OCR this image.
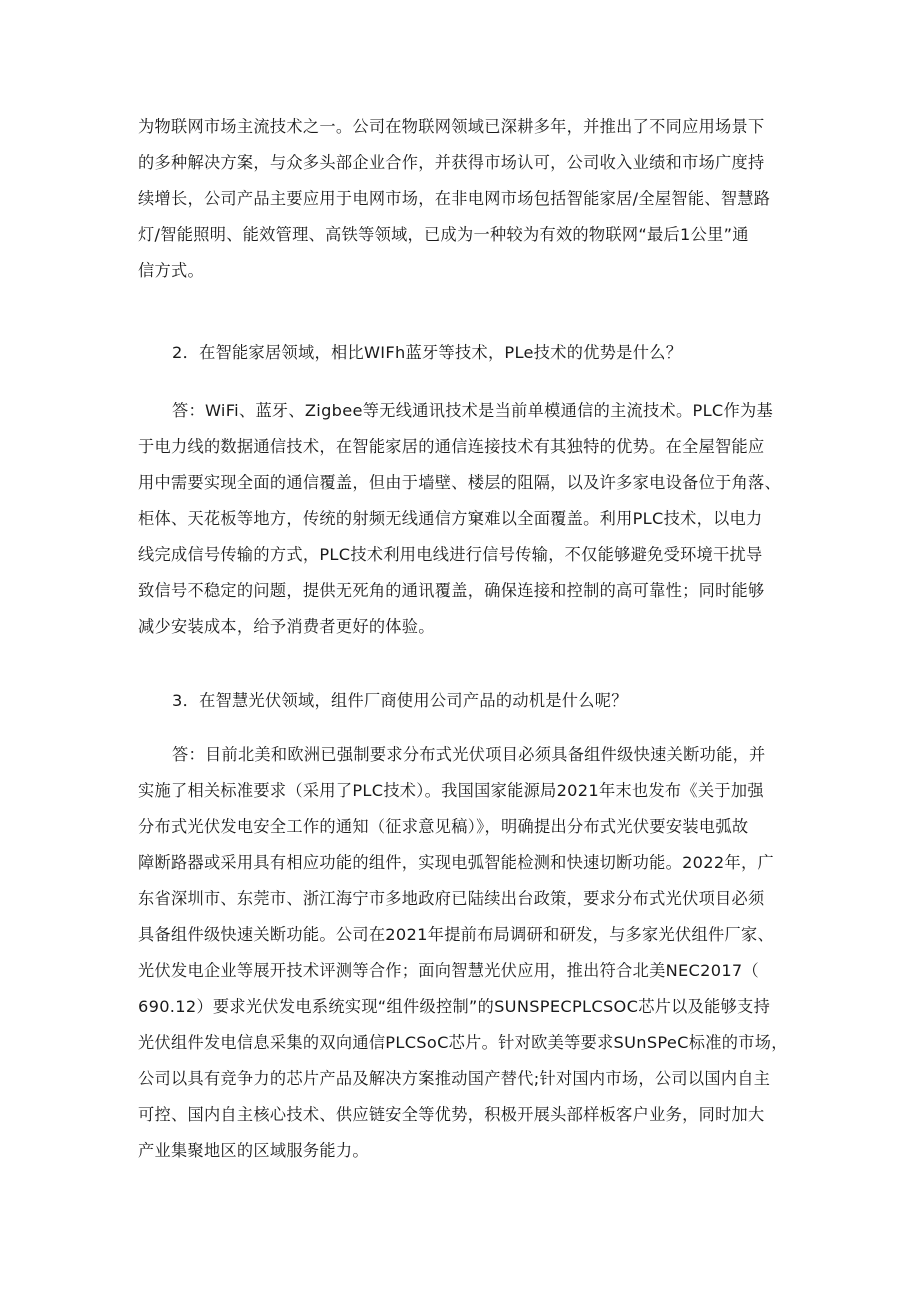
为物联网市场主流技术之一。公司在物联网领域已深耕多年，并推出了不同应用场景下

的多种解决方案，与众多头部企业合作，并获得市场认可，公司收入业绩和市场广度持

续增长，公司产品主要应用于电网市场，在非电网市场包括智能家居/全屋智能、智慧路

灯/智能照明、能效管理、高铁等领域，已成为一种较为有效的物联网“最后1公里”通

信方式。

2．在智能家居领域，相比WIFh蓝牙等技术，PLe技术的优势是什么？

答：WiFi、蓝牙、Zigbee等无线通讯技术是当前单模通信的主流技术。PLC作为基

于电力线的数据通信技术，在智能家居的通信连接技术有其独特的优势。在全屋智能应

用中需要实现全面的通信覆盖，但由于墙壁、楼层的阻隔，以及许多家电设备位于角落、

柜体、天花板等地方，传统的射频无线通信方窠难以全面覆盖。利用PLC技术，以电力

线完成信号传输的方式，PLC技术利用电线进行信号传输，不仅能够避免受环境干扰导

致信号不稳定的问题，提供无死角的通讯覆盖，确保连接和控制的高可靠性；同时能够

减少安装成本，给予消费者更好的体验。

3．在智慧光伏领域，组件厂商使用公司产品的动机是什么呢？

答：目前北美和欧洲已强制要求分布式光伏项目必须具备组件级快速关断功能，并

实施了相关标准要求（采用了PLC技术）。我国国家能源局2021年末也发布《关于加强

分布式光伏发电安全工作的通知（征求意见稿）》，明确提出分布式光伏要安装电弧故

障断路器或采用具有相应功能的组件，实现电弧智能检测和快速切断功能。2022年，广

东省深圳市、东莞市、浙江海宁市多地政府已陆续出台政策，要求分布式光伏项目必须

具备组件级快速关断功能。公司在2021年提前布局调研和研发，与多家光伏组件厂家、

光伏发电企业等展开技术评测等合作；面向智慧光伏应用，推出符合北美NEC2017（

690.12）要求光伏发电系统实现“组件级控制”的SUNSPECPLCSOC芯片以及能够支持

光伏组件发电信息采集的双向通信PLCSoC芯片。针对欧美等要求SUnSPeC标准的市场，

公司以具有竞争力的芯片产品及解决方案推动国产替代;针对国内市场，公司以国内自主

可控、国内自主核心技术、供应链安全等优势，积极开展头部样板客户业务，同时加大

产业集聚地区的区域服务能力。
